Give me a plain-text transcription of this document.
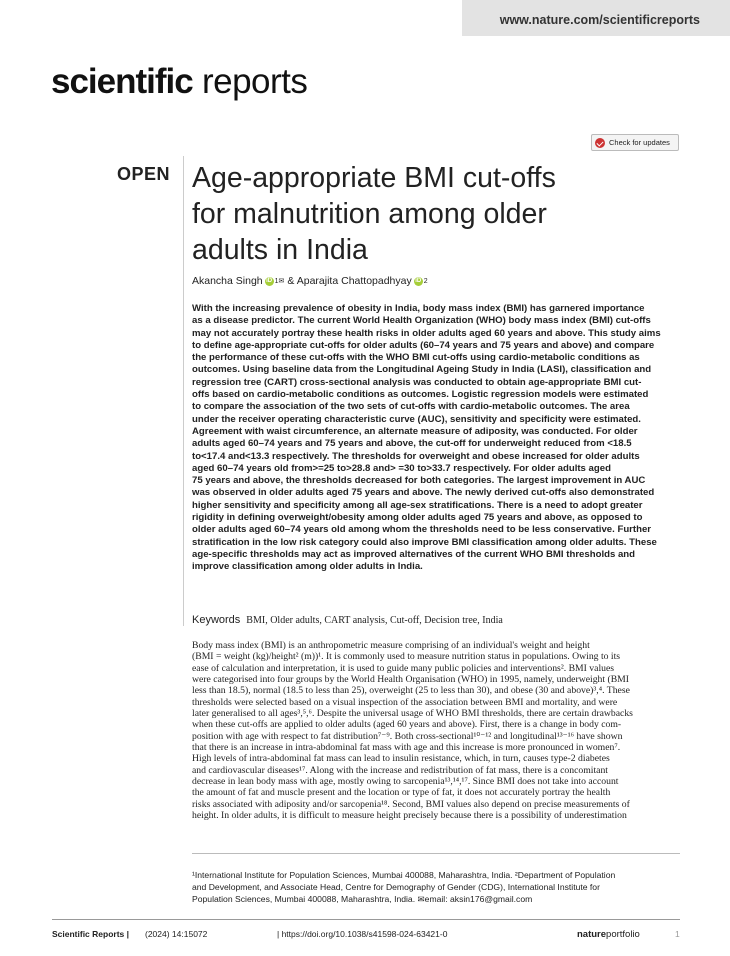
www.nature.com/scientificreports
scientific reports
Check for updates
OPEN Age-appropriate BMI cut-offs
for malnutrition among older
adults in India
Akancha Singh iD 1✉ & Aparajita Chattopadhyay iD 2
With the increasing prevalence of obesity in India, body mass index (BMI) has garnered importance
as a disease predictor. The current World Health Organization (WHO) body mass index (BMI) cut-offs
may not accurately portray these health risks in older adults aged 60 years and above. This study aims
to define age-appropriate cut-offs for older adults (60–74 years and 75 years and above) and compare
the performance of these cut-offs with the WHO BMI cut-offs using cardio-metabolic conditions as
outcomes. Using baseline data from the Longitudinal Ageing Study in India (LASI), classification and
regression tree (CART) cross-sectional analysis was conducted to obtain age-appropriate BMI cut-
offs based on cardio-metabolic conditions as outcomes. Logistic regression models were estimated
to compare the association of the two sets of cut-offs with cardio-metabolic outcomes. The area
under the receiver operating characteristic curve (AUC), sensitivity and specificity were estimated.
Agreement with waist circumference, an alternate measure of adiposity, was conducted. For older
adults aged 60–74 years and 75 years and above, the cut-off for underweight reduced from <18.5
to<17.4 and<13.3 respectively. The thresholds for overweight and obese increased for older adults
aged 60–74 years old from>=25 to>28.8 and> =30 to>33.7 respectively. For older adults aged
75 years and above, the thresholds decreased for both categories. The largest improvement in AUC
was observed in older adults aged 75 years and above. The newly derived cut-offs also demonstrated
higher sensitivity and specificity among all age-sex stratifications. There is a need to adopt greater
rigidity in defining overweight/obesity among older adults aged 75 years and above, as opposed to
older adults aged 60–74 years old among whom the thresholds need to be less conservative. Further
stratification in the low risk category could also improve BMI classification among older adults. These
age-specific thresholds may act as improved alternatives of the current WHO BMI thresholds and
improve classification among older adults in India.
Keywords BMI, Older adults, CART analysis, Cut-off, Decision tree, India
Body mass index (BMI) is an anthropometric measure comprising of an individual's weight and height
(BMI = weight (kg)/height² (m))¹. It is commonly used to measure nutrition status in populations. Owing to its
ease of calculation and interpretation, it is used to guide many public policies and interventions². BMI values
were categorised into four groups by the World Health Organisation (WHO) in 1995, namely, underweight (BMI
less than 18.5), normal (18.5 to less than 25), overweight (25 to less than 30), and obese (30 and above)³,⁴. These
thresholds were selected based on a visual inspection of the association between BMI and mortality, and were
later generalised to all ages³,⁵,⁶. Despite the universal usage of WHO BMI thresholds, there are certain drawbacks
when these cut-offs are applied to older adults (aged 60 years and above). First, there is a change in body com-
position with age with respect to fat distribution⁷⁻⁹. Both cross-sectional¹⁰⁻¹² and longitudinal¹³⁻¹⁶ have shown
that there is an increase in intra-abdominal fat mass with age and this increase is more pronounced in women⁷.
High levels of intra-abdominal fat mass can lead to insulin resistance, which, in turn, causes type-2 diabetes
and cardiovascular diseases¹⁷. Along with the increase and redistribution of fat mass, there is a concomitant
decrease in lean body mass with age, mostly owing to sarcopenia¹³,¹⁴,¹⁷. Since BMI does not take into account
the amount of fat and muscle present and the location or type of fat, it does not accurately portray the health
risks associated with adiposity and/or sarcopenia¹⁸. Second, BMI values also depend on precise measurements of
height. In older adults, it is difficult to measure height precisely because there is a possibility of underestimation
¹International Institute for Population Sciences, Mumbai 400088, Maharashtra, India. ²Department of Population
and Development, and Associate Head, Centre for Demography of Gender (CDG), International Institute for
Population Sciences, Mumbai 400088, Maharashtra, India. ✉email: aksin176@gmail.com
Scientific Reports | (2024) 14:15072	| https://doi.org/10.1038/s41598-024-63421-0	natureportfolio	1
